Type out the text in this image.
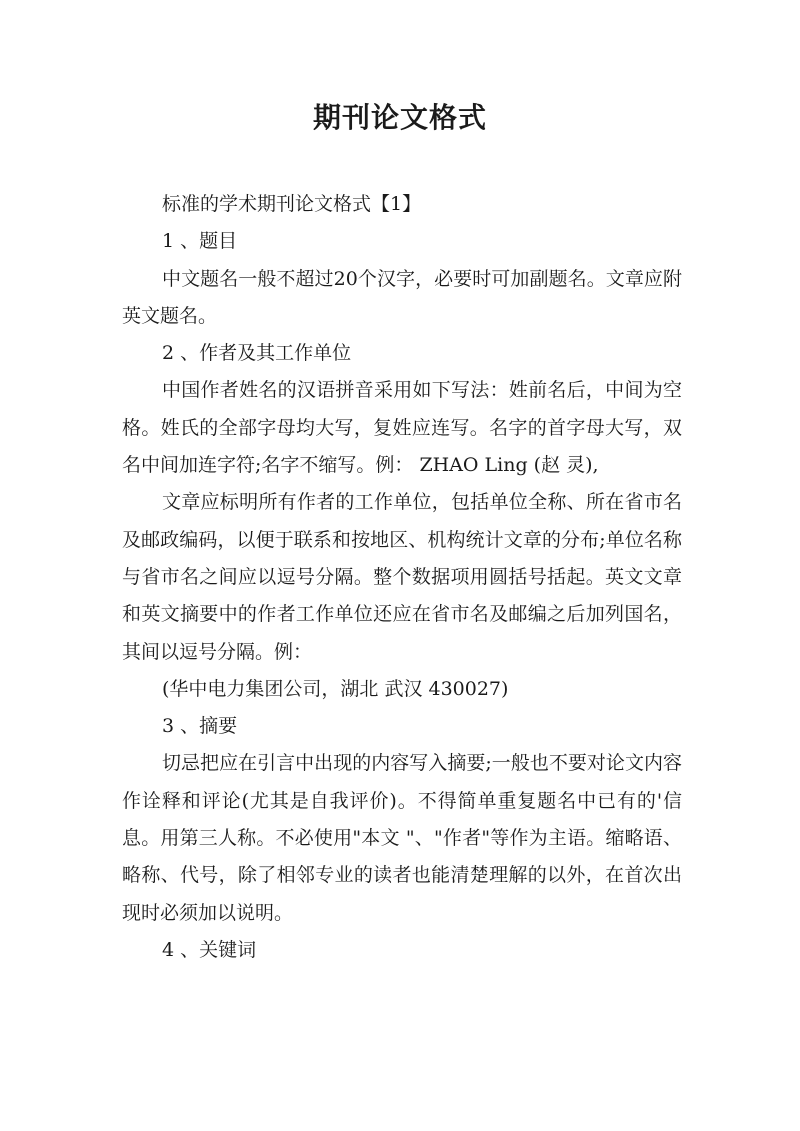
期刊论文格式

标准的学术期刊论文格式【1】

1 、题目

中文题名一般不超过20个汉字，必要时可加副题名。文章应附英文题名。

2 、作者及其工作单位

中国作者姓名的汉语拼音采用如下写法：姓前名后，中间为空格。姓氏的全部字母均大写，复姓应连写。名字的首字母大写，双名中间加连字符;名字不缩写。例： ZHAO Ling (赵 灵),

文章应标明所有作者的工作单位，包括单位全称、所在省市名及邮政编码，以便于联系和按地区、机构统计文章的分布;单位名称与省市名之间应以逗号分隔。整个数据项用圆括号括起。英文文章和英文摘要中的作者工作单位还应在省市名及邮编之后加列国名，其间以逗号分隔。例：

(华中电力集团公司，湖北 武汉 430027)

3 、摘要

切忌把应在引言中出现的内容写入摘要;一般也不要对论文内容作诠释和评论(尤其是自我评价)。不得简单重复题名中已有的'信息。用第三人称。不必使用"本文 "、"作者"等作为主语。缩略语、略称、代号，除了相邻专业的读者也能清楚理解的以外，在首次出现时必须加以说明。

4 、关键词
